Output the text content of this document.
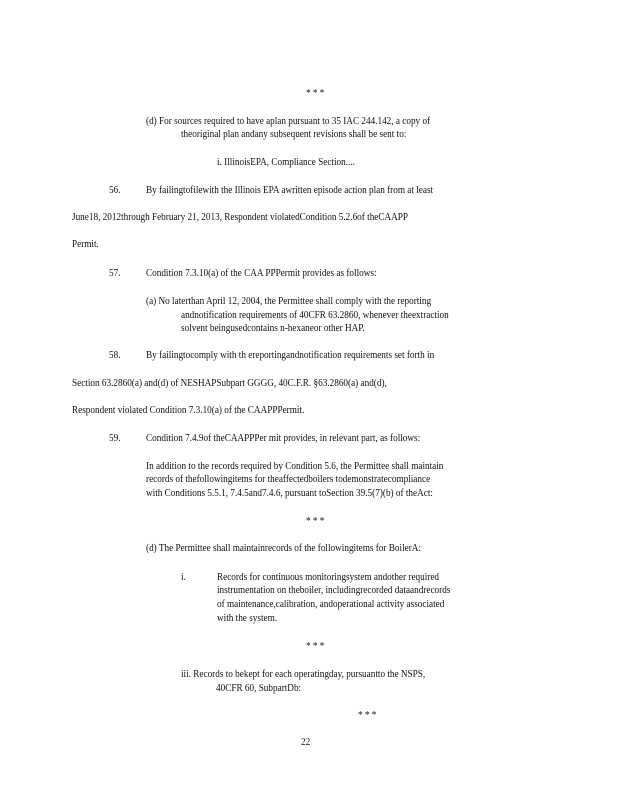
* * *
(d) For sources required to have aplan pursuant to 35 IAC 244.142, a copy of
theoriginal plan andany subsequent revisions shall be sent to:
i. IllinoisEPA, Compliance Section....
56.	By failingtofilewith the Illinois EPA awritten episode action plan from at least
June18, 2012through February 21, 2013, Respondent violatedCondition 5.2.6of theCAAPP
Permit.
57.	Condition 7.3.10(a) of the CAA PPPermit provides as follows:
(a) No laterthan April 12, 2004, the Permittee shall comply with the reporting
andnotification requirements of 40CFR 63.2860, whenever theextraction
solvent beingusedcontains n-hexaneor other HAP.
58.	By failingtocomply with th ereportingandnotification requirements set forth in
Section 63.2860(a) and(d) of NESHAPSubpart GGGG, 40C.F.R. §63.2860(a) and(d),
Respondent violated Condition 7.3.10(a) of the CAAPPPermit.
59.	Condition 7.4.9of theCAAPPPer mit provides, in relevant part, as follows:
In addition to the records required by Condition 5.6, the Permittee shall maintain
records of thefollowingitems for theaffectedboilers todemonstratecompliance
with Conditions 5.5.1, 7.4.5and7.4.6, pursuant toSection 39.5(7)(b) of theAct:
* * *
(d) The Permittee shall maintainrecords of the followingitems for BoilerA:
i.	Records for continuous monitoringsystem andother required
instrumentation on theboiler, includingrecorded dataandrecords
of maintenance,calibration, andoperational activity associated
with the system.
* * *
iii. Records to bekept for each operatingday, pursuantto the NSPS,
40CFR 60, SubpartDb:
* * *
22
